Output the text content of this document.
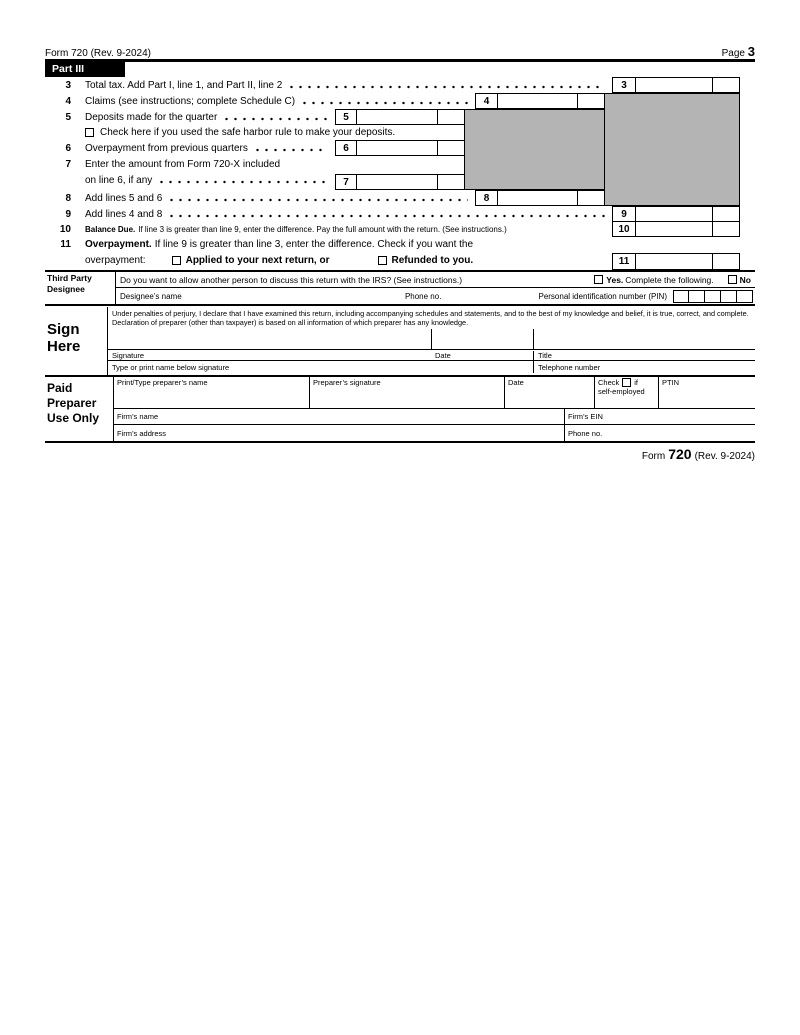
Form 720 (Rev. 9-2024)	Page 3
Part III
3
4
5
6
7
8
9
10
11
3 Total tax. Add Part I, line 1, and Part II, line 2
4 Claims (see instructions; complete Schedule C)
5 Deposits made for the quarter
Check here if you used the safe harbor rule to make your deposits.
6 Overpayment from previous quarters
7 Enter the amount from Form 720-X included
on line 6, if any
8 Add lines 5 and 6
9 Add lines 4 and 8
10 Balance Due. If line 3 is greater than line 9, enter the difference. Pay the full amount with the return. (See instructions.)
11 Overpayment. If line 9 is greater than line 3, enter the difference. Check if you want the
overpayment:	Applied to your next return, or	Refunded to you.
Third Party
Designee
Do you want to allow another person to discuss this return with the IRS? (See instructions.)	Yes. Complete the following.	No
Designee’s name	Phone no.	Personal identification number (PIN)
Sign
Here
Under penalties of perjury, I declare that I have examined this return, including accompanying schedules and statements, and to the best of my knowledge and belief, it is true, correct, and complete. Declaration of preparer (other than taxpayer) is based on all information of which preparer has any knowledge.
Signature	Date	Title
Type or print name below signature	Telephone number
Paid
Preparer
Use Only
Print/Type preparer’s name	Preparer’s signature	Date	Check if
self-employed
PTIN
Firm’s name	Firm’s EIN
Firm’s address	Phone no.
Form 720 (Rev. 9-2024)
